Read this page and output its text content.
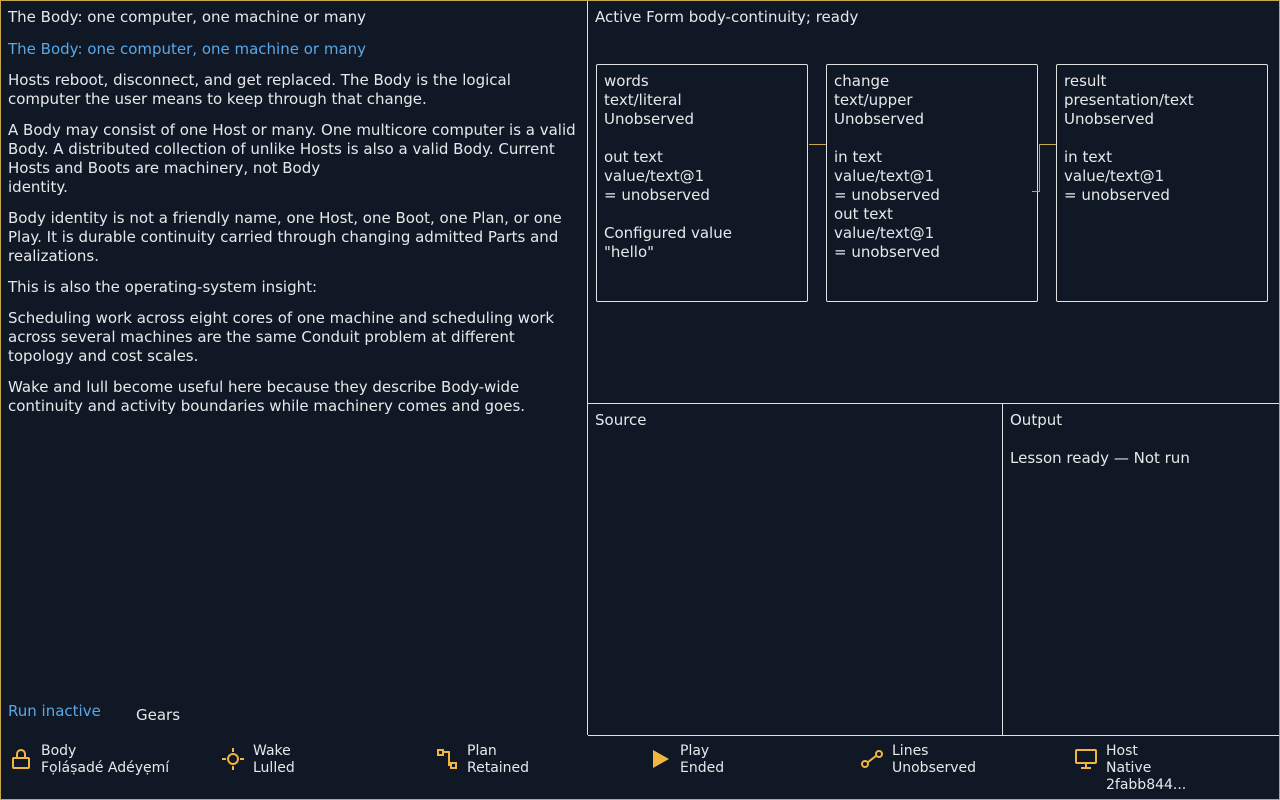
The Body: one computer, one machine or many
The Body: one computer, one machine or many

Hosts reboot, disconnect, and get replaced. The Body is the logical computer the user means to keep through that change.

A Body may consist of one Host or many. One multicore computer is a valid Body. A distributed collection of unlike Hosts is also a valid Body. Current Hosts and Boots are machinery, not Body
identity.

Body identity is not a friendly name, one Host, one Boot, one Plan, or one Play. It is durable continuity carried through changing admitted Parts and realizations.

This is also the operating-system insight:

Scheduling work across eight cores of one machine and scheduling work across several machines are the same Conduit problem at different topology and cost scales.

Wake and lull become useful here because they describe Body-wide continuity and activity boundaries while machinery comes and goes.

Run inactive Gears
Active Form body-continuity; ready
words
text/literal
Unobserved
out text
value/text@1
= unobserved
Configured value
"hello"
change
text/upper
Unobserved
in text
value/text@1
= unobserved
out text
value/text@1
= unobserved
result
presentation/text
Unobserved
in text
value/text@1
= unobserved
Source	Output
Lesson ready — Not run
Body
Fọláṣadé Adéyẹmí
Wake
Lulled
Plan
Retained
Play
Ended
Lines
Unobserved
Host
Native
2fabb844...
